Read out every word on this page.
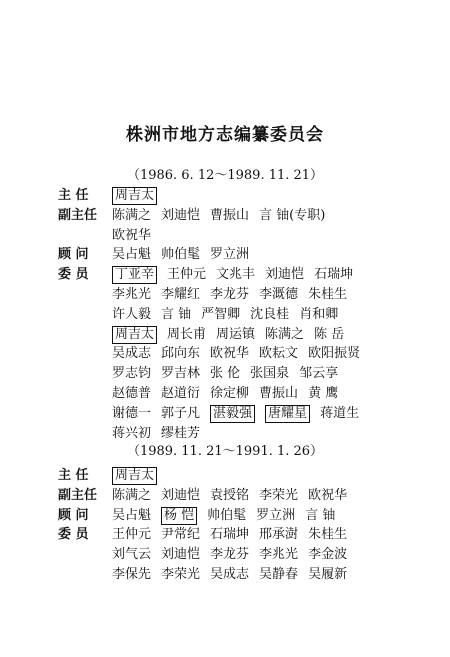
株洲市地方志编纂委员会
（1986. 6. 12～1989. 11. 21）
主 任	周吉太
副主任	陈满之 刘迪恺 曹振山 言 铀(专职)
欧祝华
顾 问	吴占魁 帅伯髦 罗立洲
委 员	丁亚辛 王仲元 文兆丰 刘迪恺 石瑞坤
李兆光 李耀红 李龙芬 李溉德 朱桂生
许人毅 言 铀 严智卿 沈良桂 肖和卿
周吉太 周长甫 周运镇 陈满之 陈 岳
吴成志 邱向东 欧祝华 欧耘文 欧阳振贤
罗志钧 罗吉林 张 伦 张国泉 邹云享
赵德普 赵道衍 徐定柳 曹振山 黄 鹰
谢德一 郭子凡 湛毅强 唐耀星 蒋道生
蒋兴初 缪桂芳
（1989. 11. 21～1991. 1. 26）
主 任	周吉太
副主任	陈满之 刘迪恺 袁授铭 李荣光 欧祝华
顾 问	吴占魁 杨 恺 帅伯髦 罗立洲 言 铀
委 员	王仲元 尹常纪 石瑞坤 邢承澍 朱桂生
刘气云 刘迪恺 李龙芬 李兆光 李金波
李保先 李荣光 吴成志 吴静春 吴履新
